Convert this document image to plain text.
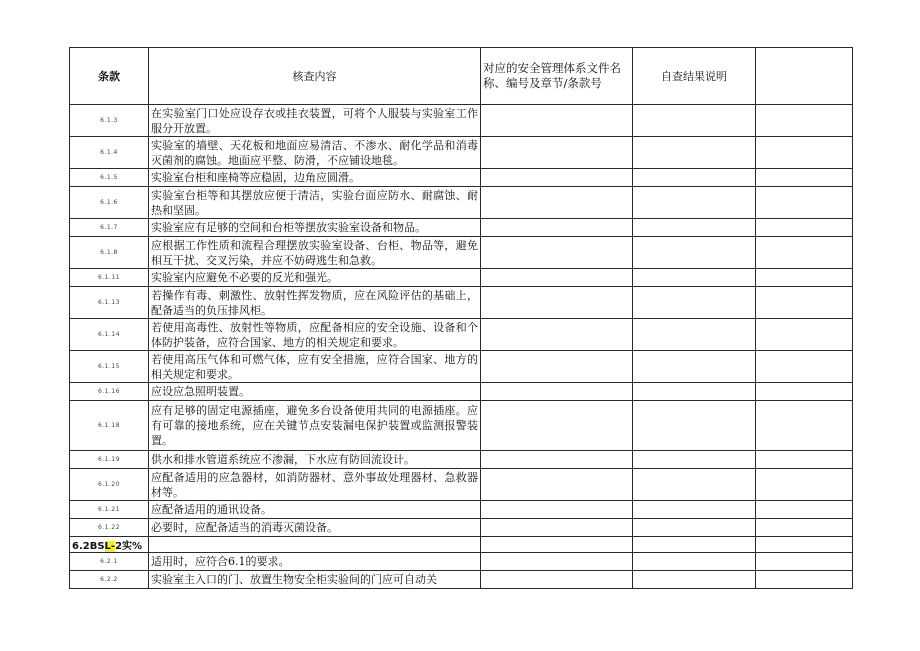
条款	核查内容	对应的安全管理体系文件名称、编号及章节/条款号	自查结果说明	
6.1.3	在实验室门口处应设存衣或挂衣装置，可将个人服装与实验室工作服分开放置。			
6.1.4	实验室的墙壁、天花板和地面应易清洁、不渗水、耐化学品和消毒灭菌剂的腐蚀。地面应平整、防滑，不应铺设地毯。			
6.1.5	实验室台柜和座椅等应稳固，边角应圆滑。			
6.1.6	实验室台柜等和其摆放应便于清洁，实验台面应防水、耐腐蚀、耐热和坚固。			
6.1.7	实验室应有足够的空间和台柜等摆放实验室设备和物品。			
6.1.8	应根据工作性质和流程合理摆放实验室设备、台柜、物品等，避免相互干扰、交叉污染，并应不妨碍逃生和急救。			
6.1.11	实验室内应避免不必要的反光和强光。			
6.1.13	若操作有毒、刺激性、放射性挥发物质，应在风险评估的基础上，配备适当的负压排风柜。			
6.1.14	若使用高毒性、放射性等物质，应配备相应的安全设施、设备和个体防护装备，应符合国家、地方的相关规定和要求。			
6.1.15	若使用高压气体和可燃气体，应有安全措施，应符合国家、地方的相关规定和要求。			
6.1.16	应设应急照明装置。			
6.1.18	应有足够的固定电源插座，避免多台设备使用共同的电源插座。应有可靠的接地系统，应在关键节点安装漏电保护装置或监测报警装置。			
6.1.19	供水和排水管道系统应不渗漏，下水应有防回流设计。			
6.1.20	应配备适用的应急器材，如消防器材、意外事故处理器材、急救器材等。			
6.1.21	应配备适用的通讯设备。			
6.1.22	必要时，应配备适当的消毒灭菌设备。			
6.2BSL-2实%				
6.2.1	适用时，应符合6.1的要求。			
6.2.2	实验室主入口的门、放置生物安全柜实验间的门应可自动关			
